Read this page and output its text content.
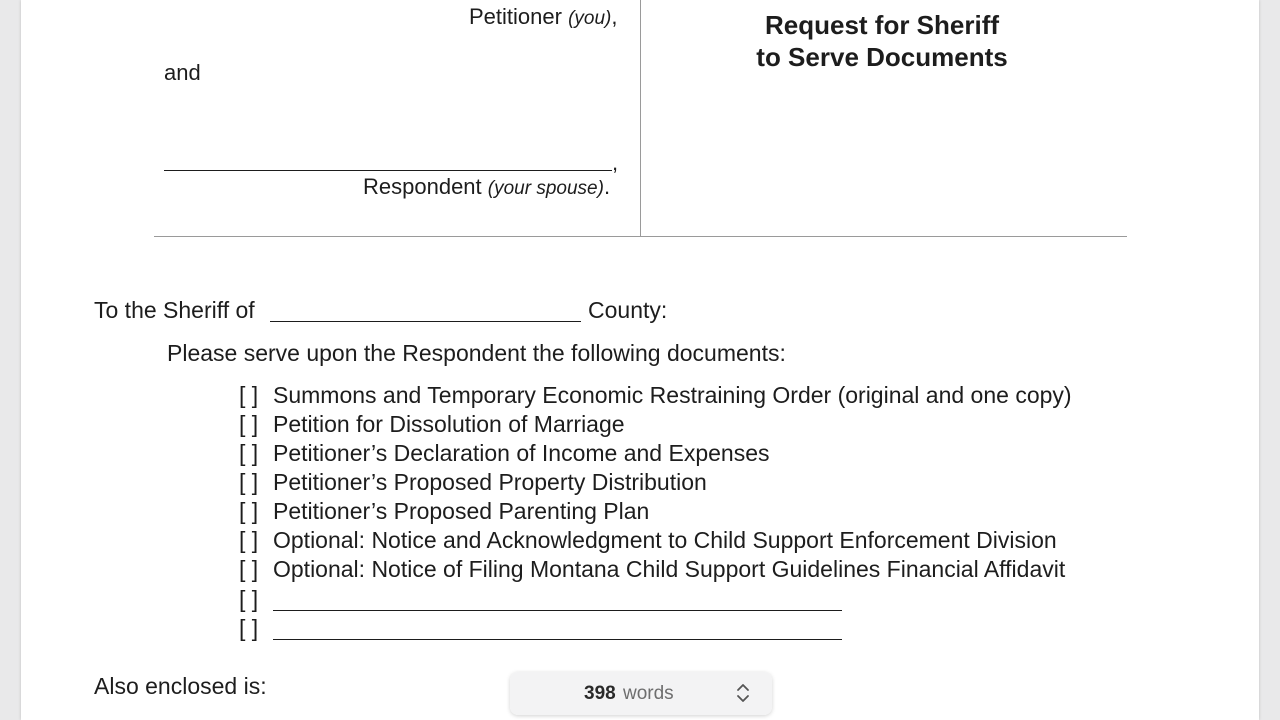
Petitioner (you),
and
,
Respondent (your spouse).
Request for Sheriff
to Serve Documents
To the Sheriff of	County:
Please serve upon the Respondent the following documents:
[ ] Summons and Temporary Economic Restraining Order (original and one copy)
[ ] Petition for Dissolution of Marriage
[ ] Petitioner’s Declaration of Income and Expenses
[ ] Petitioner’s Proposed Property Distribution
[ ] Petitioner’s Proposed Parenting Plan
[ ] Optional: Notice and Acknowledgment to Child Support Enforcement Division
[ ] Optional: Notice of Filing Montana Child Support Guidelines Financial Affidavit
[ ]
[ ]
Also enclosed is:	398 words
